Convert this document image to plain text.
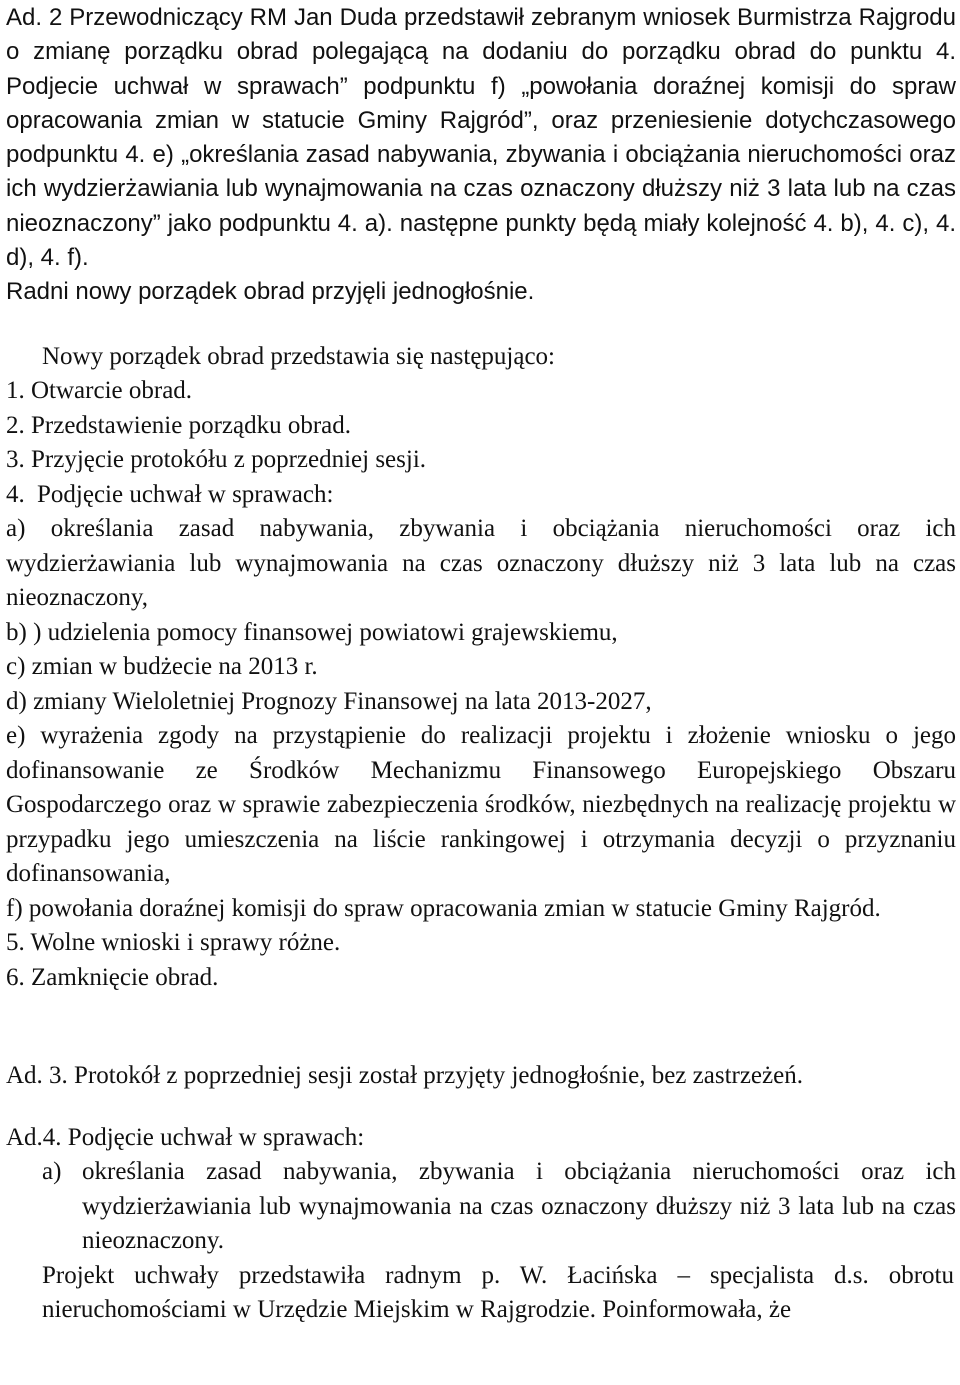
Ad. 2 Przewodniczący RM Jan Duda przedstawił zebranym wniosek Burmistrza Rajgrodu o zmianę porządku obrad polegającą na dodaniu do porządku obrad do punktu 4. Podjecie uchwał w sprawach” podpunktu f) „powołania doraźnej komisji do spraw opracowania zmian w statucie Gminy Rajgród”, oraz przeniesienie dotychczasowego podpunktu 4. e) „określania zasad nabywania, zbywania i obciążania nieruchomości oraz ich wydzierżawiania lub wynajmowania na czas oznaczony dłuższy niż 3 lata lub na czas nieoznaczony” jako podpunktu 4. a). następne punkty będą miały kolejność 4. b), 4. c), 4. d), 4. f).

Radni nowy porządek obrad przyjęli jednogłośnie.

Nowy porządek obrad przedstawia się następująco:

1. Otwarcie obrad.
2. Przedstawienie porządku obrad.
3. Przyjęcie protokółu z poprzedniej sesji.
4. Podjęcie uchwał w sprawach:
a) określania zasad nabywania, zbywania i obciążania nieruchomości oraz ich wydzierżawiania lub wynajmowania na czas oznaczony dłuższy niż 3 lata lub na czas nieoznaczony,
b) ) udzielenia pomocy finansowej powiatowi grajewskiemu,
c) zmian w budżecie na 2013 r.
d) zmiany Wieloletniej Prognozy Finansowej na lata 2013-2027,
e) wyrażenia zgody na przystąpienie do realizacji projektu i złożenie wniosku o jego dofinansowanie ze Środków Mechanizmu Finansowego Europejskiego Obszaru Gospodarczego oraz w sprawie zabezpieczenia środków, niezbędnych na realizację projektu w przypadku jego umieszczenia na liście rankingowej i otrzymania decyzji o przyznaniu dofinansowania,
f) powołania doraźnej komisji do spraw opracowania zmian w statucie Gminy Rajgród.
5. Wolne wnioski i sprawy różne.
6. Zamknięcie obrad.

Ad. 3. Protokół z poprzedniej sesji został przyjęty jednogłośnie, bez zastrzeżeń.

Ad.4. Podjęcie uchwał w sprawach:

a) określania zasad nabywania, zbywania i obciążania nieruchomości oraz ich wydzierżawiania lub wynajmowania na czas oznaczony dłuższy niż 3 lata lub na czas nieoznaczony.

Projekt uchwały przedstawiła radnym p. W. Łacińska – specjalista d.s. obrotu nieruchomościami w Urzędzie Miejskim w Rajgrodzie. Poinformowała, że
